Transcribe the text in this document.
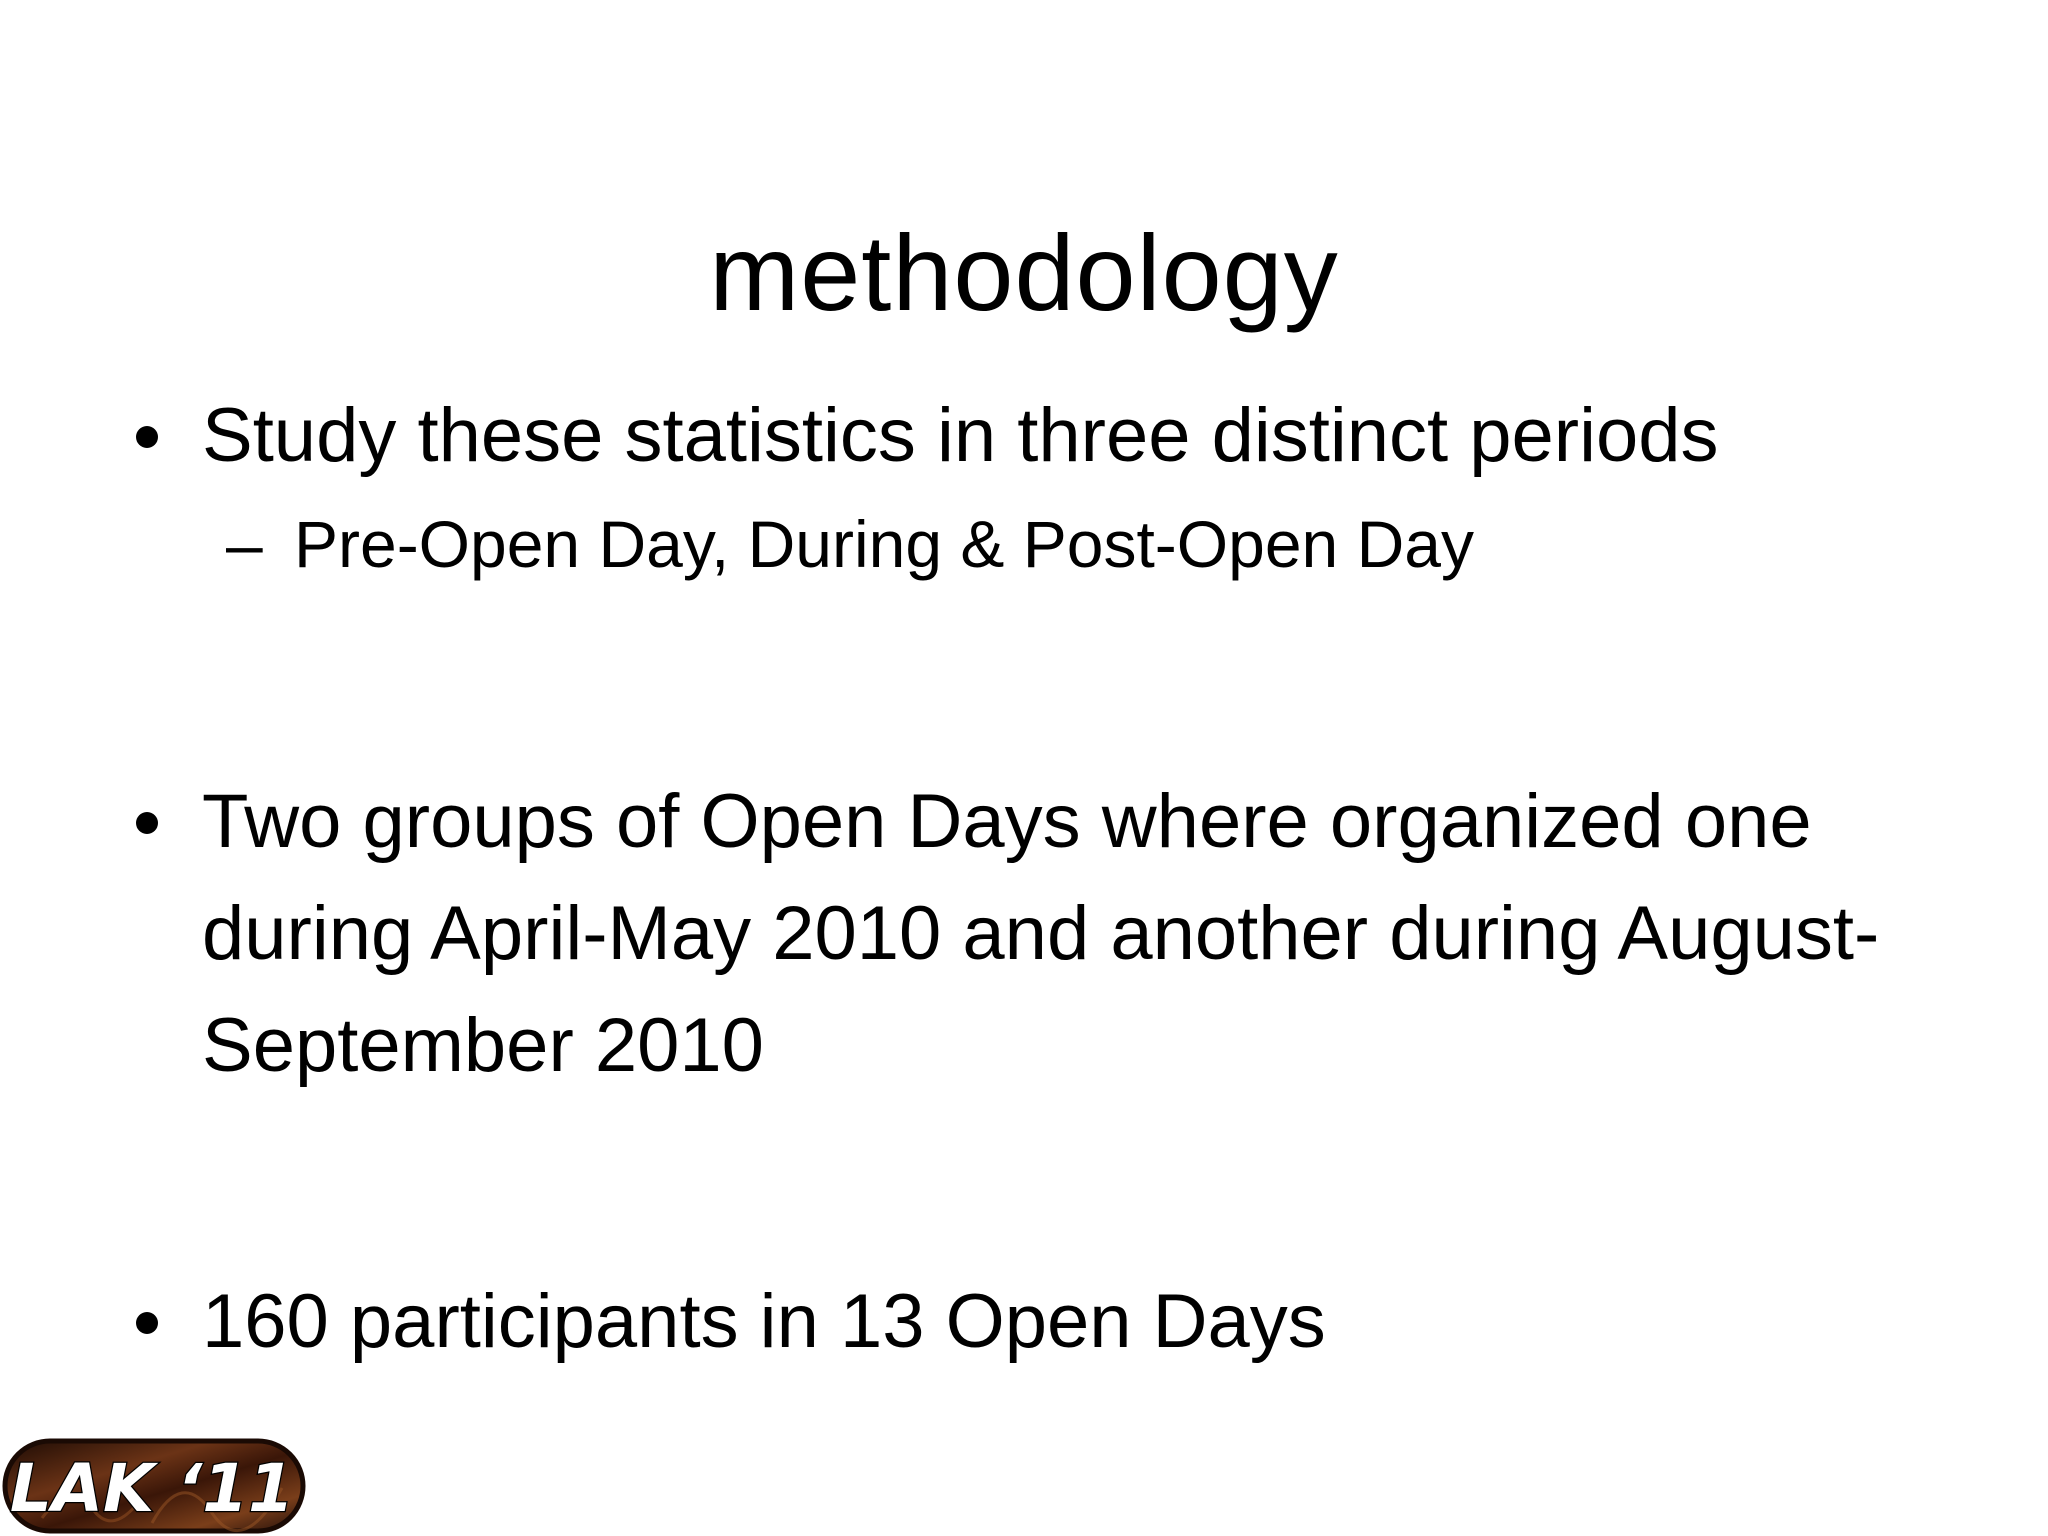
methodology
Study these statistics in three distinct periods
– Pre-Open Day, During & Post-Open Day
Two groups of Open Days where organized one during April-May 2010 and another during August-September 2010
160 participants in 13 Open Days
LAK ‘11
